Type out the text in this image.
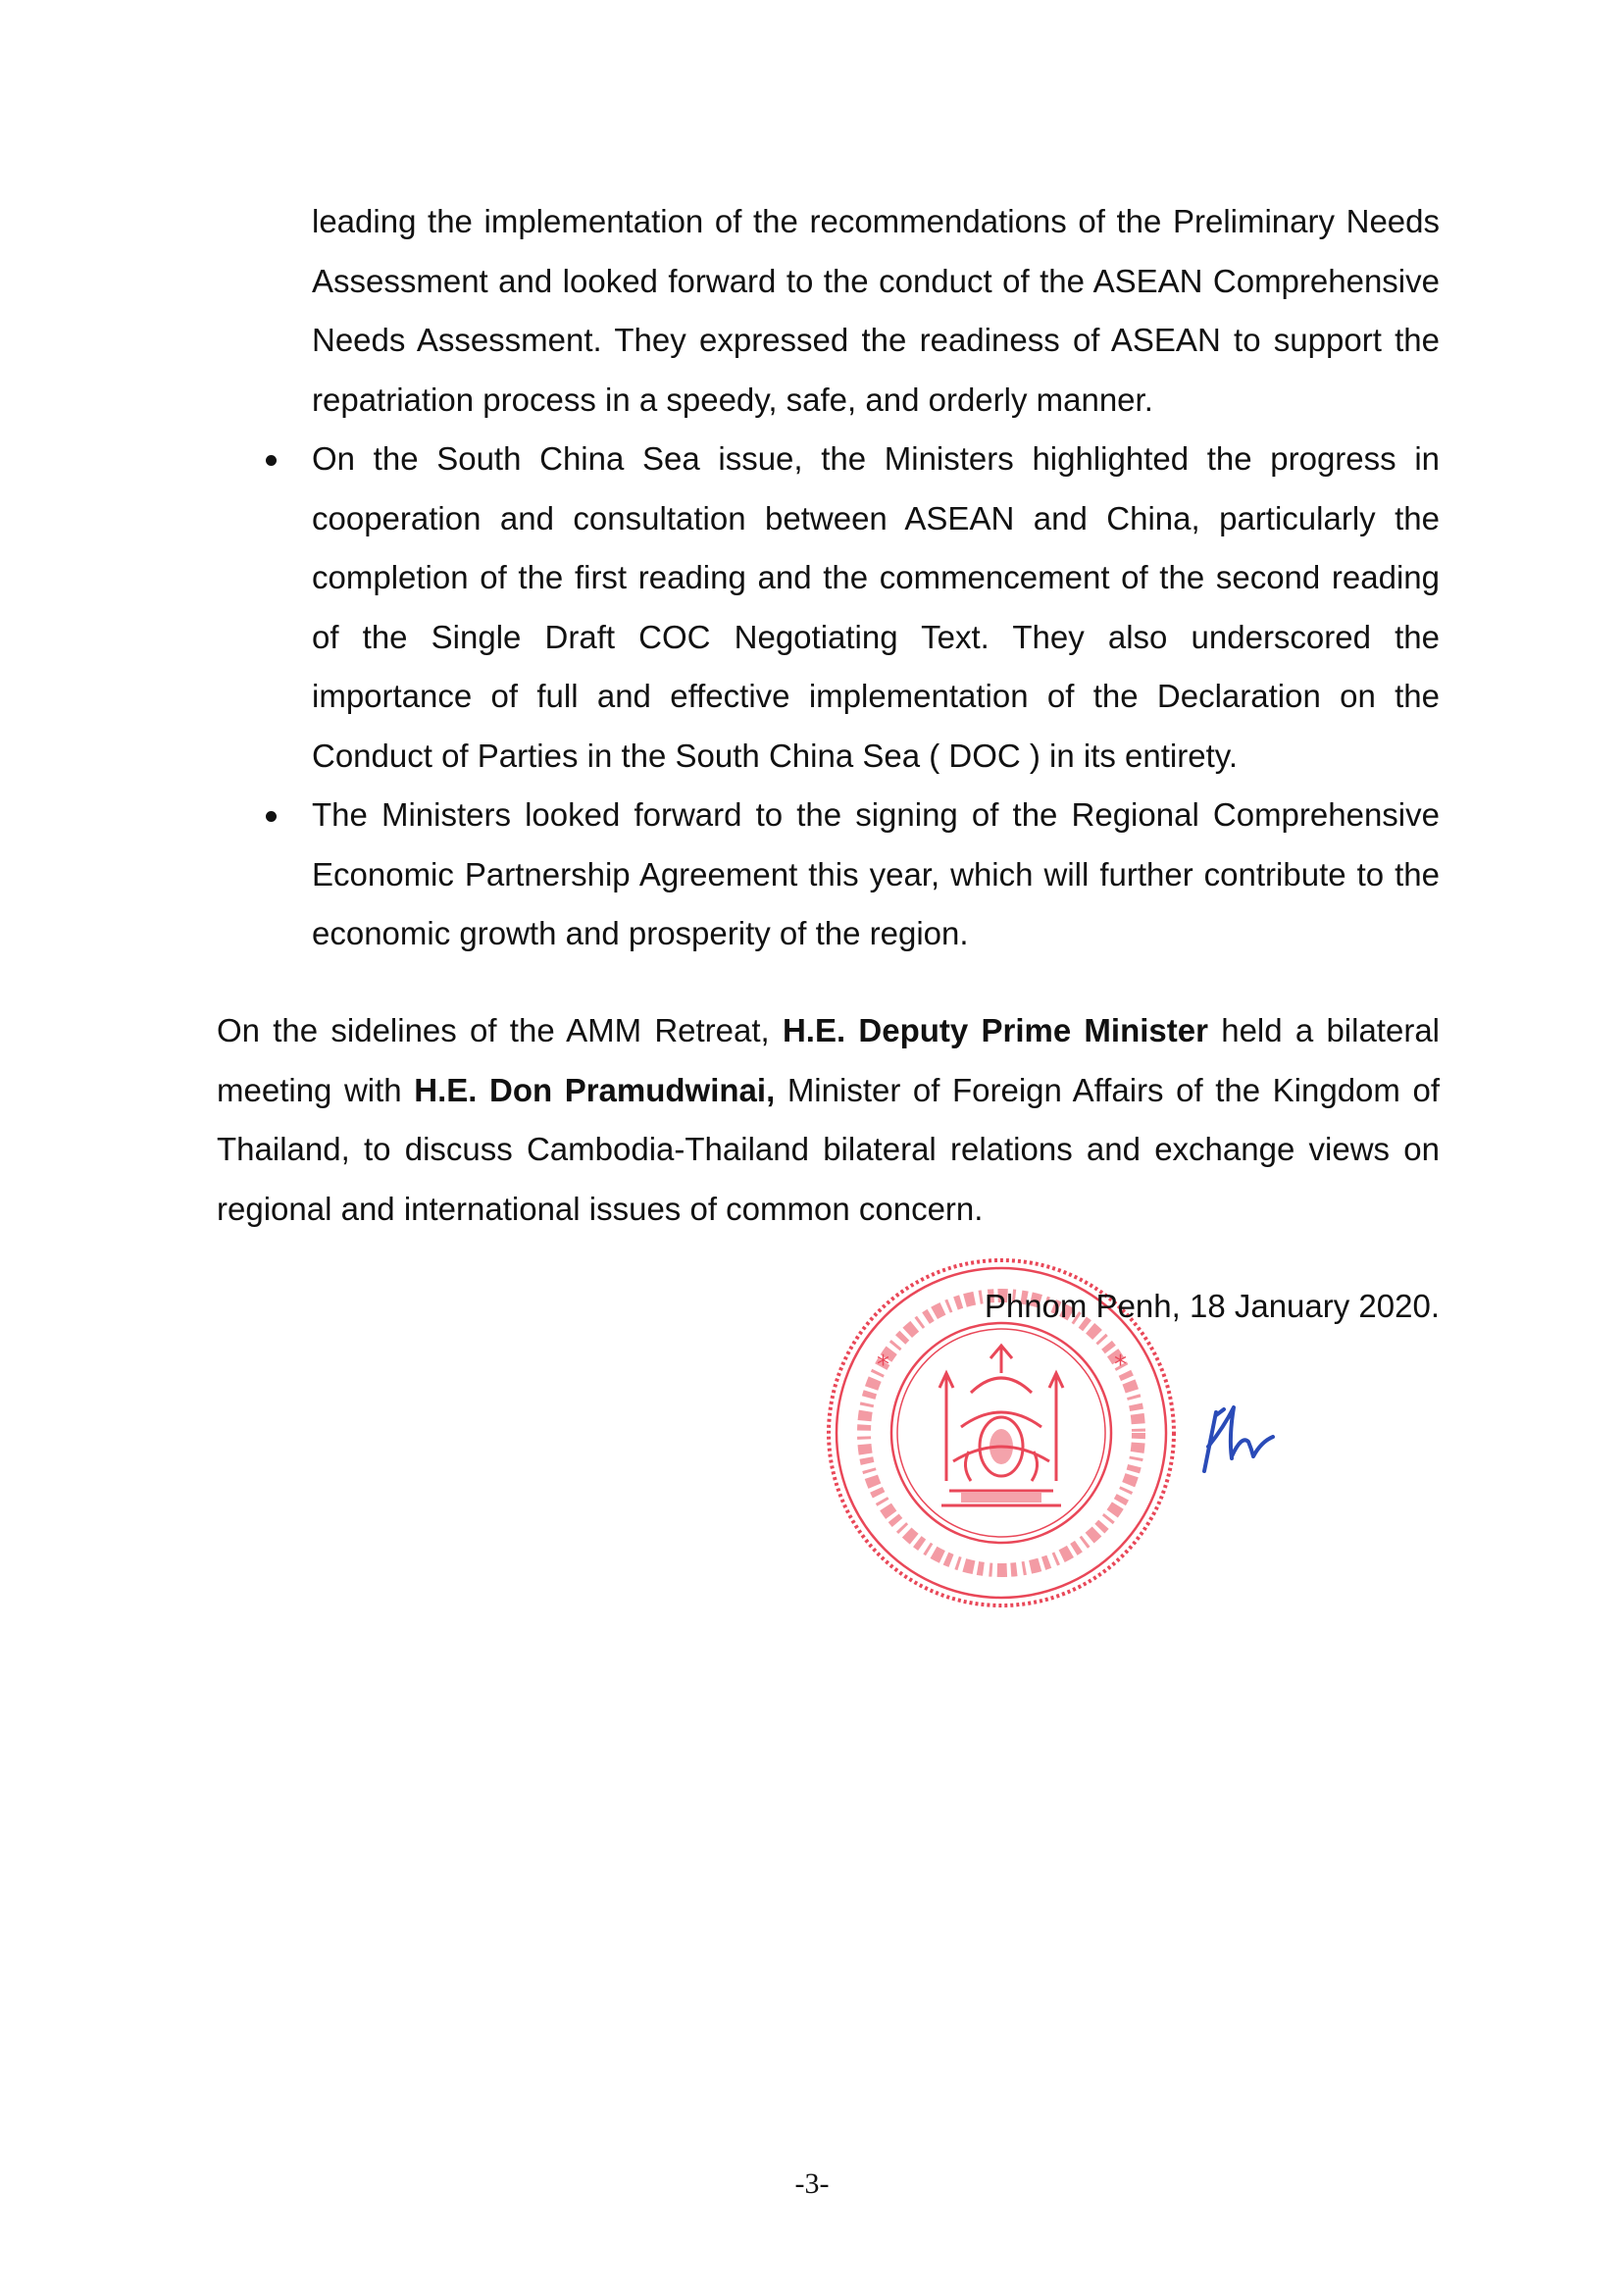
leading the implementation of the recommendations of the Preliminary Needs Assessment and looked forward to the conduct of the ASEAN Comprehensive Needs Assessment. They expressed the readiness of ASEAN to support the repatriation process in a speedy, safe, and orderly manner.

On the South China Sea issue, the Ministers highlighted the progress in cooperation and consultation between ASEAN and China, particularly the completion of the first reading and the commencement of the second reading of the Single Draft COC Negotiating Text. They also underscored the importance of full and effective implementation of the Declaration on the Conduct of Parties in the South China Sea ( DOC ) in its entirety.
The Ministers looked forward to the signing of the Regional Comprehensive Economic Partnership Agreement this year, which will further contribute to the economic growth and prosperity of the region.

On the sidelines of the AMM Retreat, H.E. Deputy Prime Minister held a bilateral meeting with H.E. Don Pramudwinai, Minister of Foreign Affairs of the Kingdom of Thailand, to discuss Cambodia-Thailand bilateral relations and exchange views on regional and international issues of common concern.

*	*
Phnom Penh, 18 January 2020.
-3-
